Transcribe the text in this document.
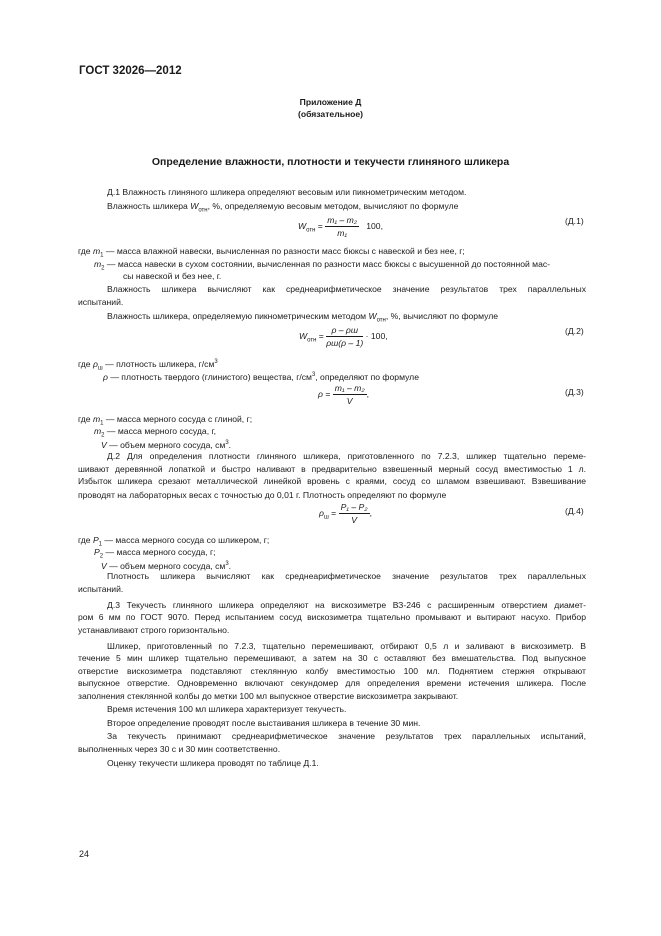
ГОСТ 32026—2012
Приложение Д
(обязательное)
Определение влажности, плотности и текучести глиняного шликера
Д.1 Влажность глиняного шликера определяют весовым или пикнометрическим методом.
Влажность шликера $W_{отн}$, %, определяемую весовым методом, вычисляют по формуле
$W_{отн} = \frac{\text{m₁ – m₂}}{\text{m₁}} 100$,	(Д.1)
где $m_1$ — масса влажной навески, вычисленная по разности масс бюксы с навеской и без нее, г;
$m_2$ — масса навески в сухом состоянии, вычисленная по разности масс бюксы с высушенной до постоянной мас-
сы навеской и без нее, г.
Влажность шликера вычисляют как среднеарифметическое значение результатов трех параллельных
испытаний.
Влажность шликера, определяемую пикнометрическим методом $W_{отн}$, %, вычисляют по формуле
$W_{отн} = \frac{\rho - \rho ш}{\rho ш(\rho - 1)} \cdot 100$,	(Д.2)
где $\rho_ш$ — плотность шликера, $г/см^3$
ρ — плотность твердого (глинистого) вещества, $г/см^3$, определяют по формуле
$\rho = \frac{\text{m₁ – m₂}}{V}$ ,	(Д.3)
где $m_1$ — масса мерного сосуда с глиной, г;
$m_2$ — масса мерного сосуда, г,
V — объем мерного сосуда, $см^3$.
Д.2 Для определения плотности глиняного шликера, приготовленного по 7.2.3, шликер тщательно переме-
шивают деревянной лопаткой и быстро наливают в предварительно взвешенный мерный сосуд вместимостью 1 л.
Избыток шликера срезают металлической линейкой вровень с краями, сосуд со шламом взвешивают. Взвешивание
проводят на лабораторных весах с точностью до 0,01 г. Плотность определяют по формуле
$\rho_ш = \frac{\text{P₁ – P₂}}{V}$ ,	(Д.4)
где $P_1$ — масса мерного сосуда со шликером, г;
$P_2$ — масса мерного сосуда, г;
V — объем мерного сосуда, $см^3$.
Плотность шликера вычисляют как среднеарифметическое значение результатов трех параллельных
испытаний.
Д.3 Текучесть глиняного шликера определяют на вискозиметре ВЗ-246 с расширенным отверстием диамет-
ром 6 мм по ГОСТ 9070. Перед испытанием сосуд вискозиметра тщательно промывают и вытирают насухо. Прибор
устанавливают строго горизонтально.
Шликер, приготовленный по 7.2.3, тщательно перемешивают, отбирают 0,5 л и заливают в вискозиметр. В
течение 5 мин шликер тщательно перемешивают, а затем на 30 с оставляют без вмешательства. Под выпускное
отверстие вискозиметра подставляют стеклянную колбу вместимостью 100 мл. Поднятием стержня открывают
выпускное отверстие. Одновременно включают секундомер для определения времени истечения шликера. После
заполнения стеклянной колбы до метки 100 мл выпускное отверстие вискозиметра закрывают.
Время истечения 100 мл шликера характеризует текучесть.
Второе определение проводят после выстаивания шликера в течение 30 мин.
За текучесть принимают среднеарифметическое значение результатов трех параллельных испытаний,
выполненных через 30 с и 30 мин соответственно.
Оценку текучести шликера проводят по таблице Д.1.
24
